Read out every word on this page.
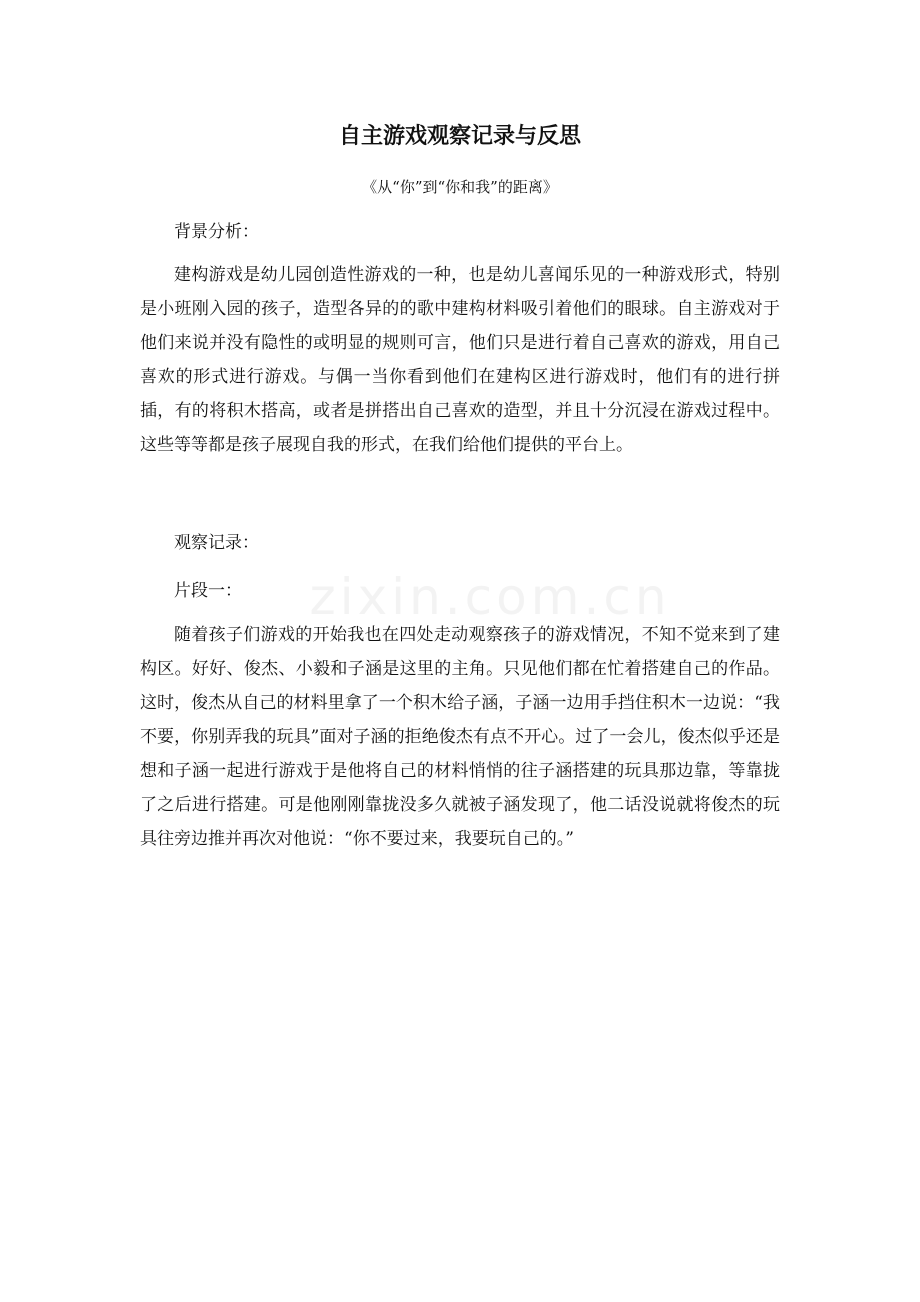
zixin.com.cn
自主游戏观察记录与反思

《从“你”到“你和我”的距离》

背景分析：

建构游戏是幼儿园创造性游戏的一种，也是幼儿喜闻乐见的一种游戏形式，特别是小班刚入园的孩子，造型各异的的歌中建构材料吸引着他们的眼球。自主游戏对于他们来说并没有隐性的或明显的规则可言，他们只是进行着自己喜欢的游戏，用自己喜欢的形式进行游戏。与偶一当你看到他们在建构区进行游戏时，他们有的进行拼插，有的将积木搭高，或者是拼搭出自己喜欢的造型，并且十分沉浸在游戏过程中。这些等等都是孩子展现自我的形式，在我们给他们提供的平台上。

观察记录：

片段一：

随着孩子们游戏的开始我也在四处走动观察孩子的游戏情况，不知不觉来到了建构区。好好、俊杰、小毅和子涵是这里的主角。只见他们都在忙着搭建自己的作品。这时，俊杰从自己的材料里拿了一个积木给子涵，子涵一边用手挡住积木一边说：“我不要，你别弄我的玩具”面对子涵的拒绝俊杰有点不开心。过了一会儿，俊杰似乎还是想和子涵一起进行游戏于是他将自己的材料悄悄的往子涵搭建的玩具那边靠，等靠拢了之后进行搭建。可是他刚刚靠拢没多久就被子涵发现了，他二话没说就将俊杰的玩具往旁边推并再次对他说：“你不要过来，我要玩自己的。”
